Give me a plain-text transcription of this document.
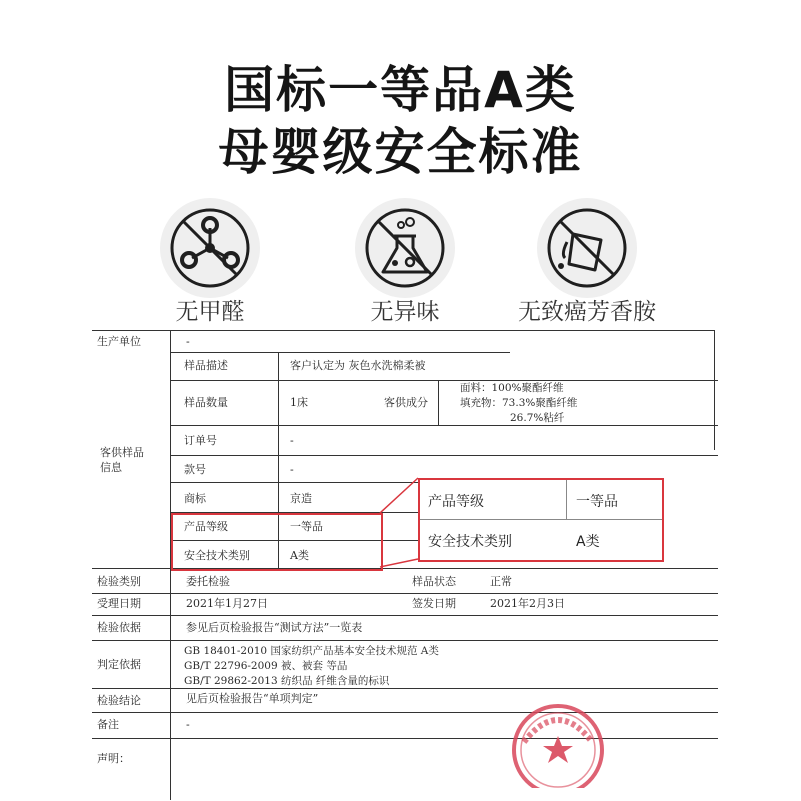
国标一等品A类
母婴级安全标准
无甲醛	无异味	无致癌芳香胺
生产单位	-
客供样品
信息
样品描述	客户认定为 灰色水洗棉柔被
样品数量	1床	客供成分
面料：100%聚酯纤维
填充物：73.3%聚酯纤维
26.7%粘纤
订单号	-
款号	-
商标	京造
产品等级	一等品
安全技术类别	A类
检验类别	委托检验	样品状态	正常
受理日期	2021年1月27日	签发日期	2021年2月3日
检验依据	参见后页检验报告“测试方法”一览表
判定依据
GB 18401-2010 国家纺织产品基本安全技术规范 A类
GB/T 22796-2009 被、被套 等品
GB/T 29862-2013 纺织品 纤维含量的标识
检验结论	见后页检验报告“单项判定”
备注	-
声明：
产品等级	一等品
安全技术类别	A类
